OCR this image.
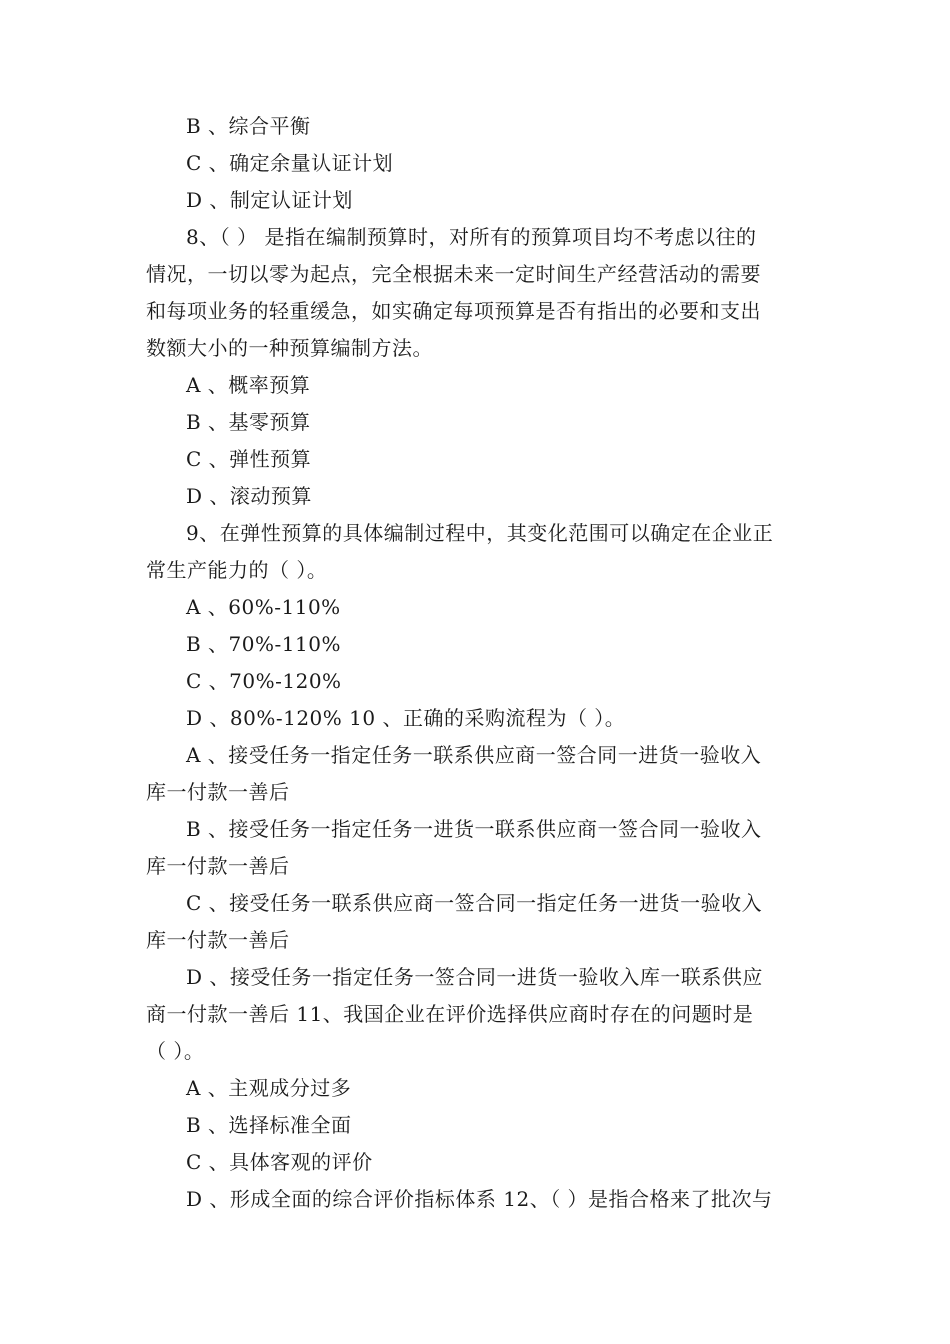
B 、综合平衡
C 、确定余量认证计划
D 、制定认证计划
8、（ ） 是指在编制预算时，对所有的预算项目均不考虑以往的
情况，一切以零为起点，完全根据未来一定时间生产经营活动的需要
和每项业务的轻重缓急，如实确定每项预算是否有指出的必要和支出
数额大小的一种预算编制方法。
A 、概率预算
B 、基零预算
C 、弹性预算
D 、滚动预算
9、在弹性预算的具体编制过程中，其变化范围可以确定在企业正
常生产能力的（ ）。
A 、60%-110%
B 、70%-110%
C 、70%-120%
D 、80%-120% 10 、正确的采购流程为（ ）。
A 、接受任务一指定任务一联系供应商一签合同一进货一验收入
库一付款一善后
B 、接受任务一指定任务一进货一联系供应商一签合同一验收入
库一付款一善后
C 、接受任务一联系供应商一签合同一指定任务一进货一验收入
库一付款一善后
D 、接受任务一指定任务一签合同一进货一验收入库一联系供应
商一付款一善后 11、我国企业在评价选择供应商时存在的问题时是
（ ）。
A 、主观成分过多
B 、选择标准全面
C 、具体客观的评价
D 、形成全面的综合评价指标体系 12、（ ）是指合格来了批次与
